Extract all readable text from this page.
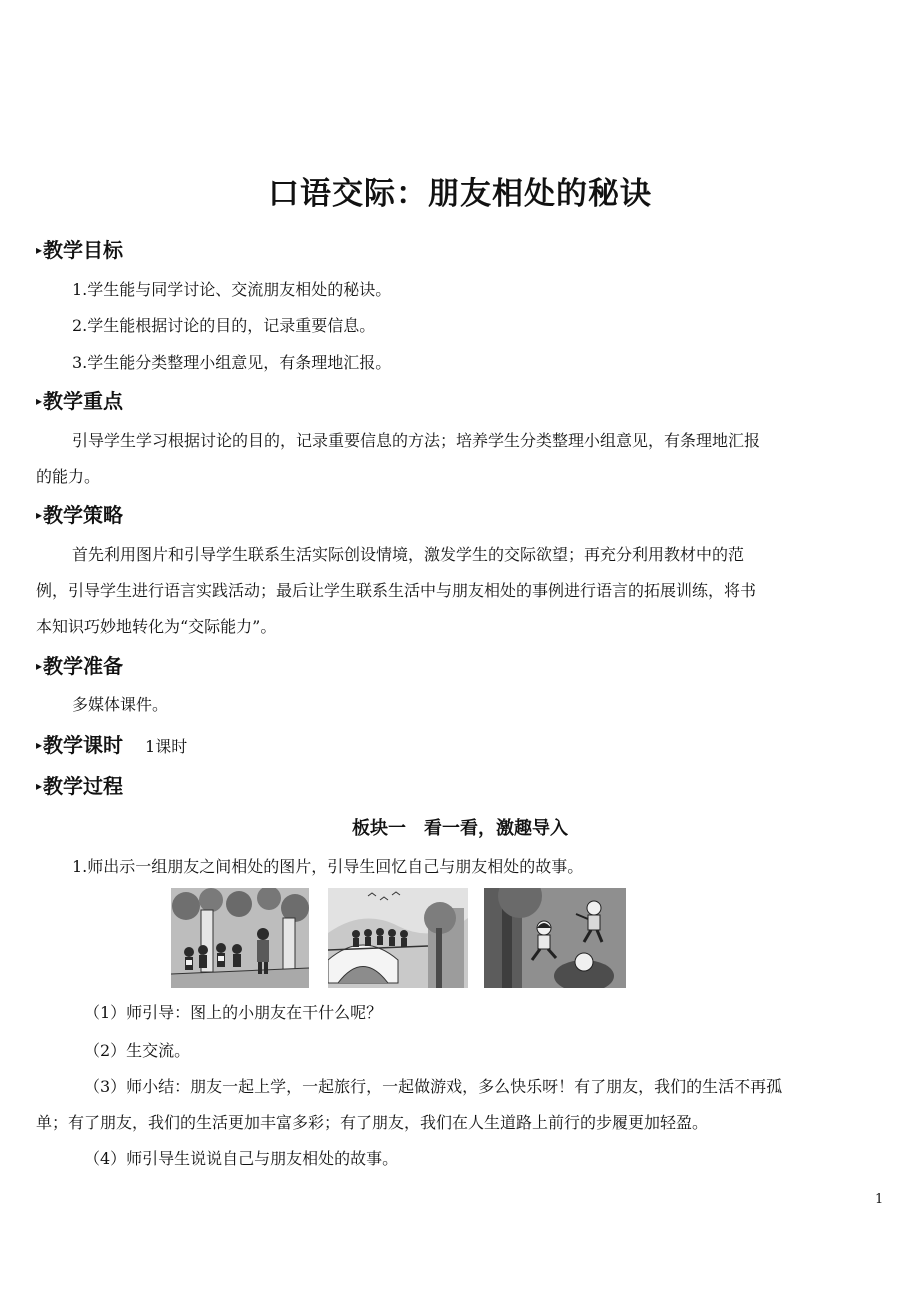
口语交际：朋友相处的秘诀
▸教学目标

1.学生能与同学讨论、交流朋友相处的秘诀。

2.学生能根据讨论的目的，记录重要信息。

3.学生能分类整理小组意见，有条理地汇报。

▸教学重点

引导学生学习根据讨论的目的，记录重要信息的方法；培养学生分类整理小组意见，有条理地汇报

的能力。

▸教学策略

首先利用图片和引导学生联系生活实际创设情境，激发学生的交际欲望；再充分利用教材中的范

例，引导学生进行语言实践活动；最后让学生联系生活中与朋友相处的事例进行语言的拓展训练，将书

本知识巧妙地转化为“交际能力”。

▸教学准备

多媒体课件。

▸教学课时 1课时
▸教学过程

板块一　看一看，激趣导入

1.师出示一组朋友之间相处的图片，引导生回忆自己与朋友相处的故事。

（1）师引导：图上的小朋友在干什么呢？

（2）生交流。

（3）师小结：朋友一起上学，一起旅行，一起做游戏，多么快乐呀！有了朋友，我们的生活不再孤

单；有了朋友，我们的生活更加丰富多彩；有了朋友，我们在人生道路上前行的步履更加轻盈。

（4）师引导生说说自己与朋友相处的故事。

1
